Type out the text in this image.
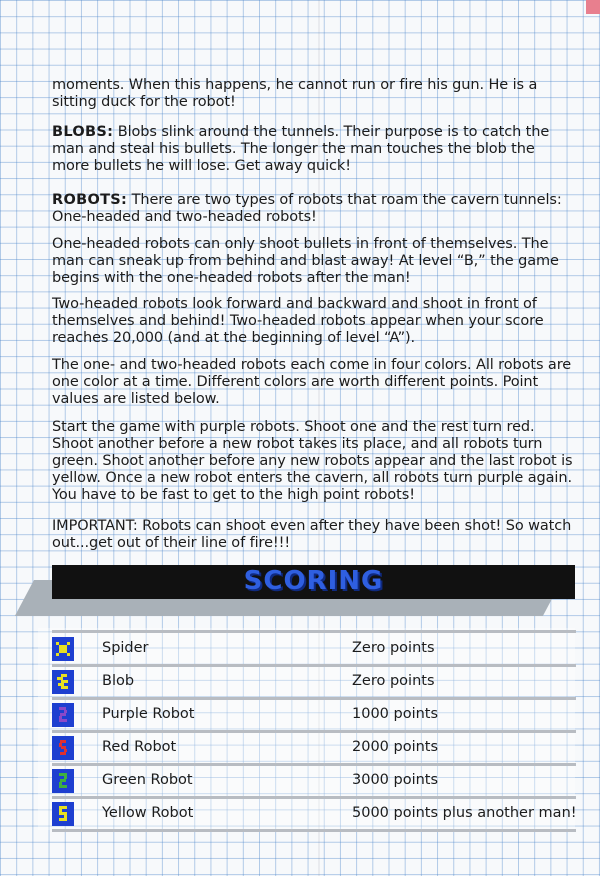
moments. When this happens, he cannot run or fire his gun. He is a sitting duck for the robot!

BLOBS: Blobs slink around the tunnels. Their purpose is to catch the man and steal his bullets. The longer the man touches the blob the more bullets he will lose. Get away quick!

ROBOTS: There are two types of robots that roam the cavern tunnels: One-headed and two-headed robots!

One-headed robots can only shoot bullets in front of themselves. The man can sneak up from behind and blast away! At level “B,” the game begins with the one-headed robots after the man!

Two-headed robots look forward and backward and shoot in front of themselves and behind! Two-headed robots appear when your score reaches 20,000 (and at the beginning of level “A”).

The one- and two-headed robots each come in four colors. All robots are one color at a time. Different colors are worth different points. Point values are listed below.

Start the game with purple robots. Shoot one and the rest turn red. Shoot another before a new robot takes its place, and all robots turn green. Shoot another before any new robots appear and the last robot is yellow. Once a new robot enters the cavern, all robots turn purple again. You have to be fast to get to the high point robots!

IMPORTANT: Robots can shoot even after they have been shot! So watch out...get out of their line of fire!!!

SCORING
Spider	Zero points
Blob	Zero points
Purple Robot	1000 points
Red Robot	2000 points
Green Robot	3000 points
Yellow Robot	5000 points plus another man!
